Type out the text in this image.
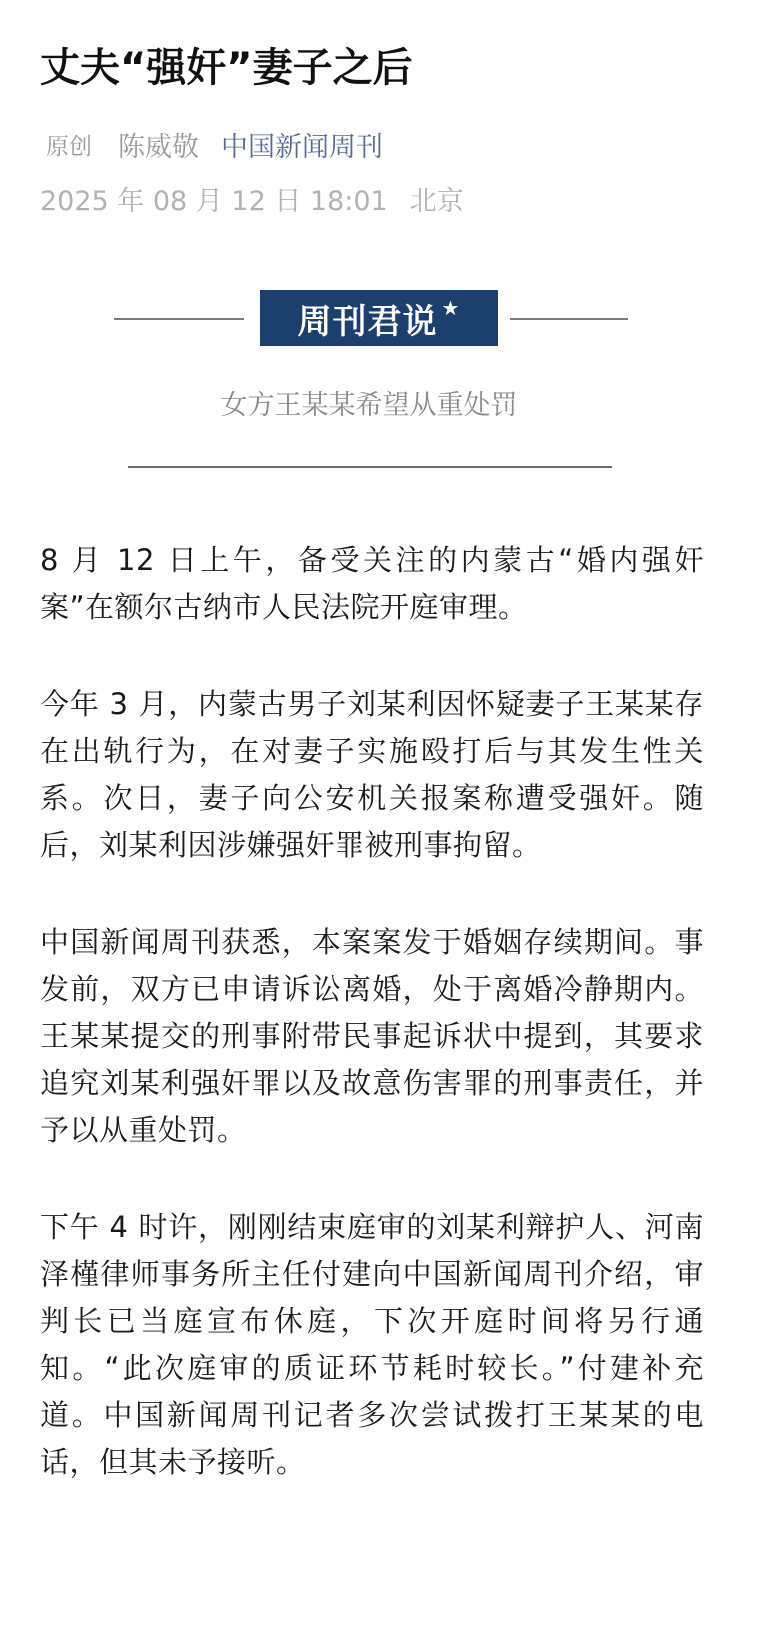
丈夫“强奸”妻子之后
原创 陈威敬 中国新闻周刊
2025 年 08 月 12 日 18:01 北京
周刊君说 ★
女方王某某希望从重处罚

8 月 12 日上午，备受关注的内蒙古“婚内强奸案”在额尔古纳市人民法院开庭审理。

今年 3 月，内蒙古男子刘某利因怀疑妻子王某某存在出轨行为，在对妻子实施殴打后与其发生性关系。次日，妻子向公安机关报案称遭受强奸。随后，刘某利因涉嫌强奸罪被刑事拘留。

中国新闻周刊获悉，本案案发于婚姻存续期间。事发前，双方已申请诉讼离婚，处于离婚冷静期内。王某某提交的刑事附带民事起诉状中提到，其要求追究刘某利强奸罪以及故意伤害罪的刑事责任，并予以从重处罚。

下午 4 时许，刚刚结束庭审的刘某利辩护人、河南泽槿律师事务所主任付建向中国新闻周刊介绍，审判长已当庭宣布休庭，下次开庭时间将另行通知。“此次庭审的质证环节耗时较长。”付建补充道。中国新闻周刊记者多次尝试拨打王某某的电话，但其未予接听。
